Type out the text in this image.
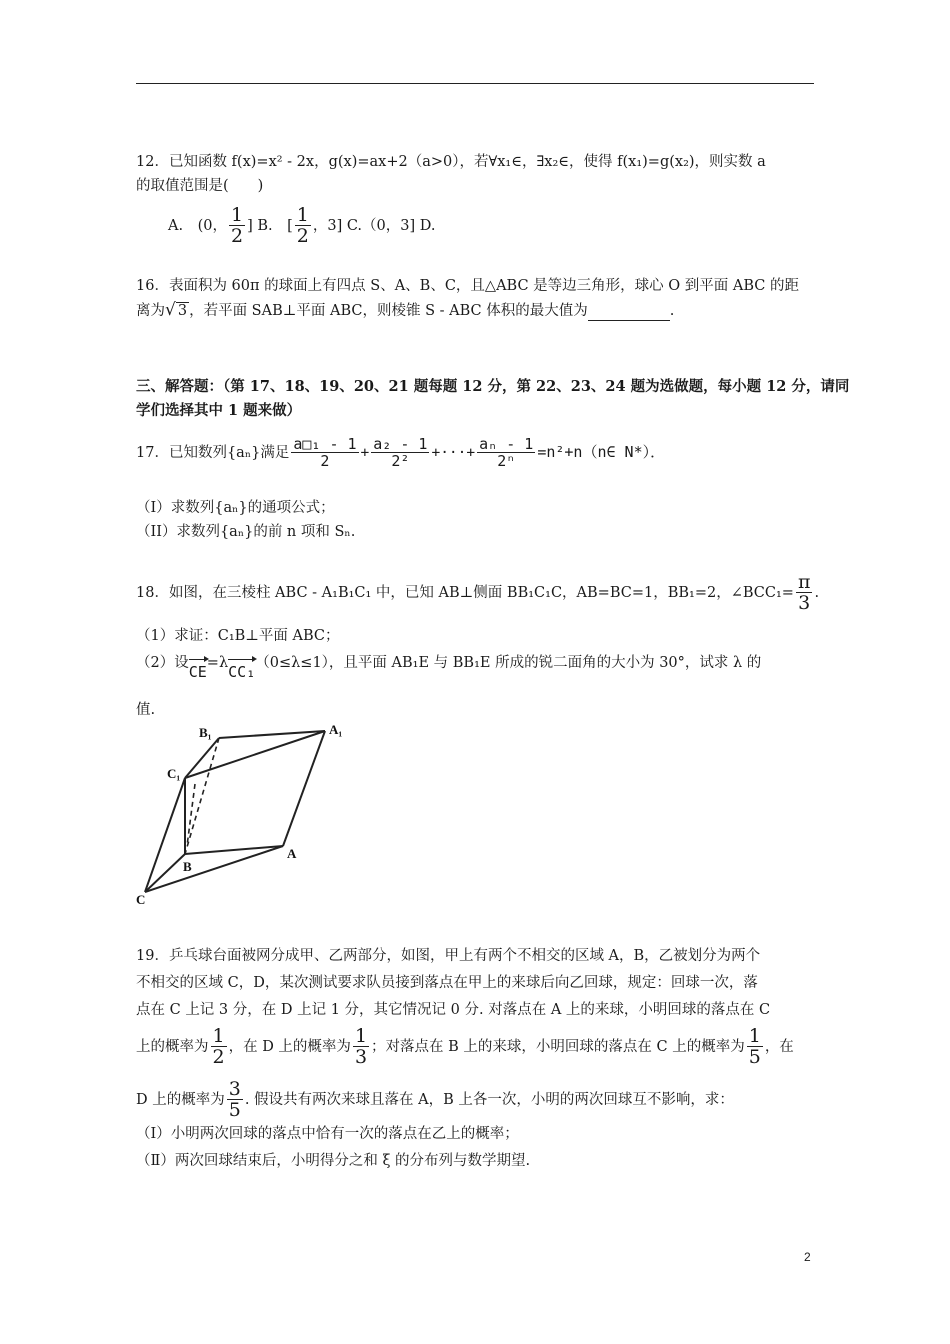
12．已知函数 f(x)=x² - 2x，g(x)=ax+2（a>0），若∀x₁∈，∃x₂∈，使得 f(x₁)=g(x₂)，则实数 a
的取值范围是(　　)
A.　(0， $\frac{1}{2}$ ] B.　[ $\frac{1}{2}$ ，3] C.（0，3] D.
16．表面积为 60π 的球面上有四点 S、A、B、C，且△ABC 是等边三角形，球心 O 到平面 ABC 的距
离为√ 3 ，若平面 SAB⊥平面 ABC，则棱锥 S - ABC 体积的最大值为	.
三、解答题：（第 17、18、19、20、21 题每题 12 分，第 22、23、24 题为选做题，每小题 12 分，请同
学们选择其中 1 题来做）
17．已知数列{aₙ}满足 $\frac{\text{a□₁ - 1}}{2} + \frac{\text{a₂ - 1}}{\text{2²}}$ +···+ $\frac{\text{aₙ - 1}}{\text{2ⁿ}}$ =n²+n（n∈ N*）．
（I）求数列{aₙ}的通项公式；
（II）求数列{aₙ}的前 n 项和 Sₙ.
18．如图，在三棱柱 ABC - A₁B₁C₁ 中，已知 AB⊥侧面 BB₁C₁C，AB=BC=1，BB₁=2，∠BCC₁= $\frac{\pi}{3}$ .
（1）求证：C₁B⊥平面 ABC；
（2）设CE=λCC₁（0≤λ≤1），且平面 AB₁E 与 BB₁E 所成的锐二面角的大小为 30°，试求 λ 的
值.
B₁	A₁
C₁
B
A
C
19．乒乓球台面被网分成甲、乙两部分，如图，甲上有两个不相交的区域 A，B，乙被划分为两个
不相交的区域 C，D，某次测试要求队员接到落点在甲上的来球后向乙回球，规定：回球一次，落
点在 C 上记 3 分，在 D 上记 1 分，其它情况记 0 分. 对落点在 A 上的来球，小明回球的落点在 C
上的概率为 $\frac{1}{2}$ ，在 D 上的概率为 $\frac{1}{3}$ ；对落点在 B 上的来球，小明回球的落点在 C 上的概率为 $\frac{1}{5}$ ，在
D 上的概率为 $\frac{3}{5}$ . 假设共有两次来球且落在 A，B 上各一次，小明的两次回球互不影响，求：
（Ⅰ）小明两次回球的落点中恰有一次的落点在乙上的概率；
（Ⅱ）两次回球结束后，小明得分之和 ξ 的分布列与数学期望.
2
